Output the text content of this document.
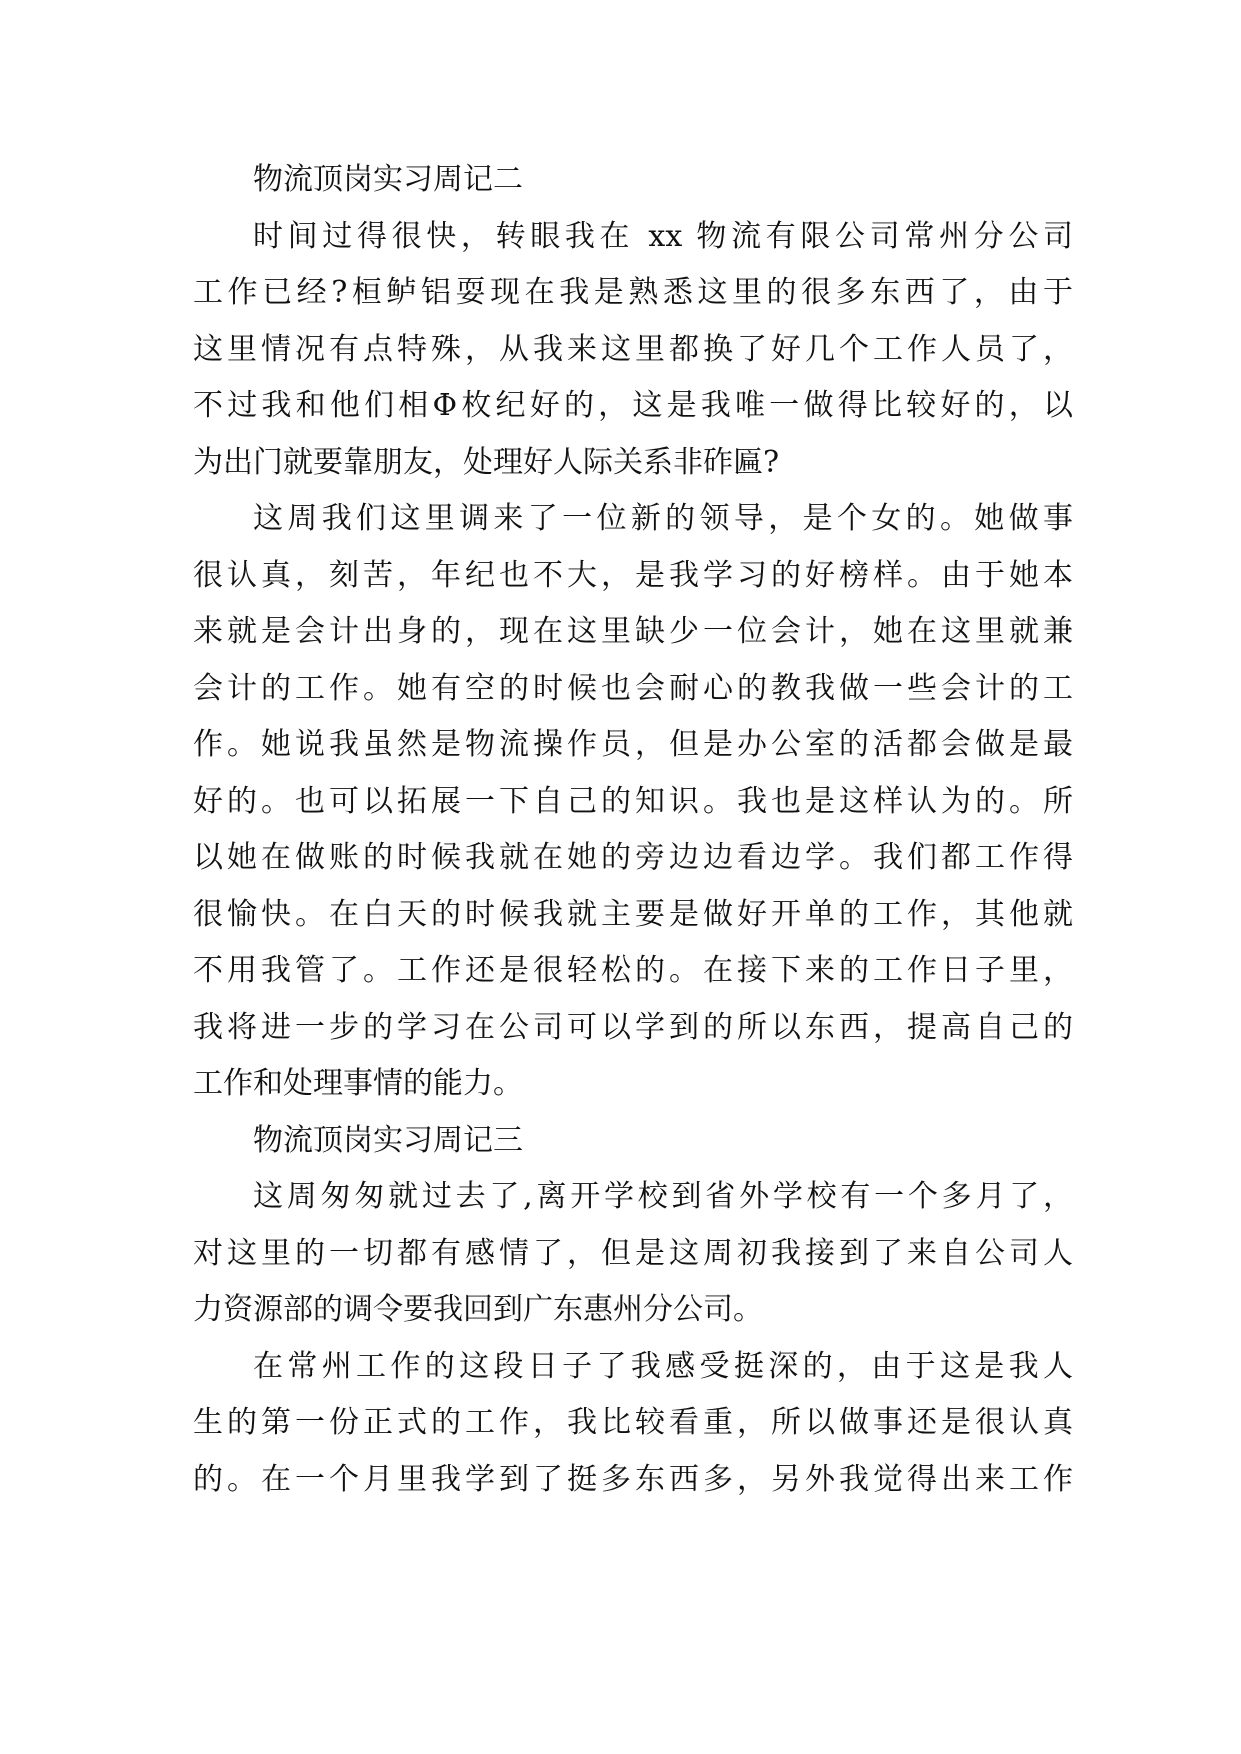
物流顶岗实习周记二
时间过得很快，转眼我在 xx 物流有限公司常州分公司
工作已经?桓鲈铝耍现在我是熟悉这里的很多东西了，由于
这里情况有点特殊，从我来这里都换了好几个工作人员了，
不过我和他们相Φ枚纪好的，这是我唯一做得比较好的，以
为出门就要靠朋友，处理好人际关系非砟匾?
这周我们这里调来了一位新的领导，是个女的。她做事
很认真，刻苦，年纪也不大，是我学习的好榜样。由于她本
来就是会计出身的，现在这里缺少一位会计，她在这里就兼
会计的工作。她有空的时候也会耐心的教我做一些会计的工
作。她说我虽然是物流操作员，但是办公室的活都会做是最
好的。也可以拓展一下自己的知识。我也是这样认为的。所
以她在做账的时候我就在她的旁边边看边学。我们都工作得
很愉快。在白天的时候我就主要是做好开单的工作，其他就
不用我管了。工作还是很轻松的。在接下来的工作日子里，
我将进一步的学习在公司可以学到的所以东西，提高自己的
工作和处理事情的能力。
物流顶岗实习周记三
这周匆匆就过去了,离开学校到省外学校有一个多月了，
对这里的一切都有感情了，但是这周初我接到了来自公司人
力资源部的调令要我回到广东惠州分公司。
在常州工作的这段日子了我感受挺深的，由于这是我人
生的第一份正式的工作，我比较看重，所以做事还是很认真
的。在一个月里我学到了挺多东西多，另外我觉得出来工作
